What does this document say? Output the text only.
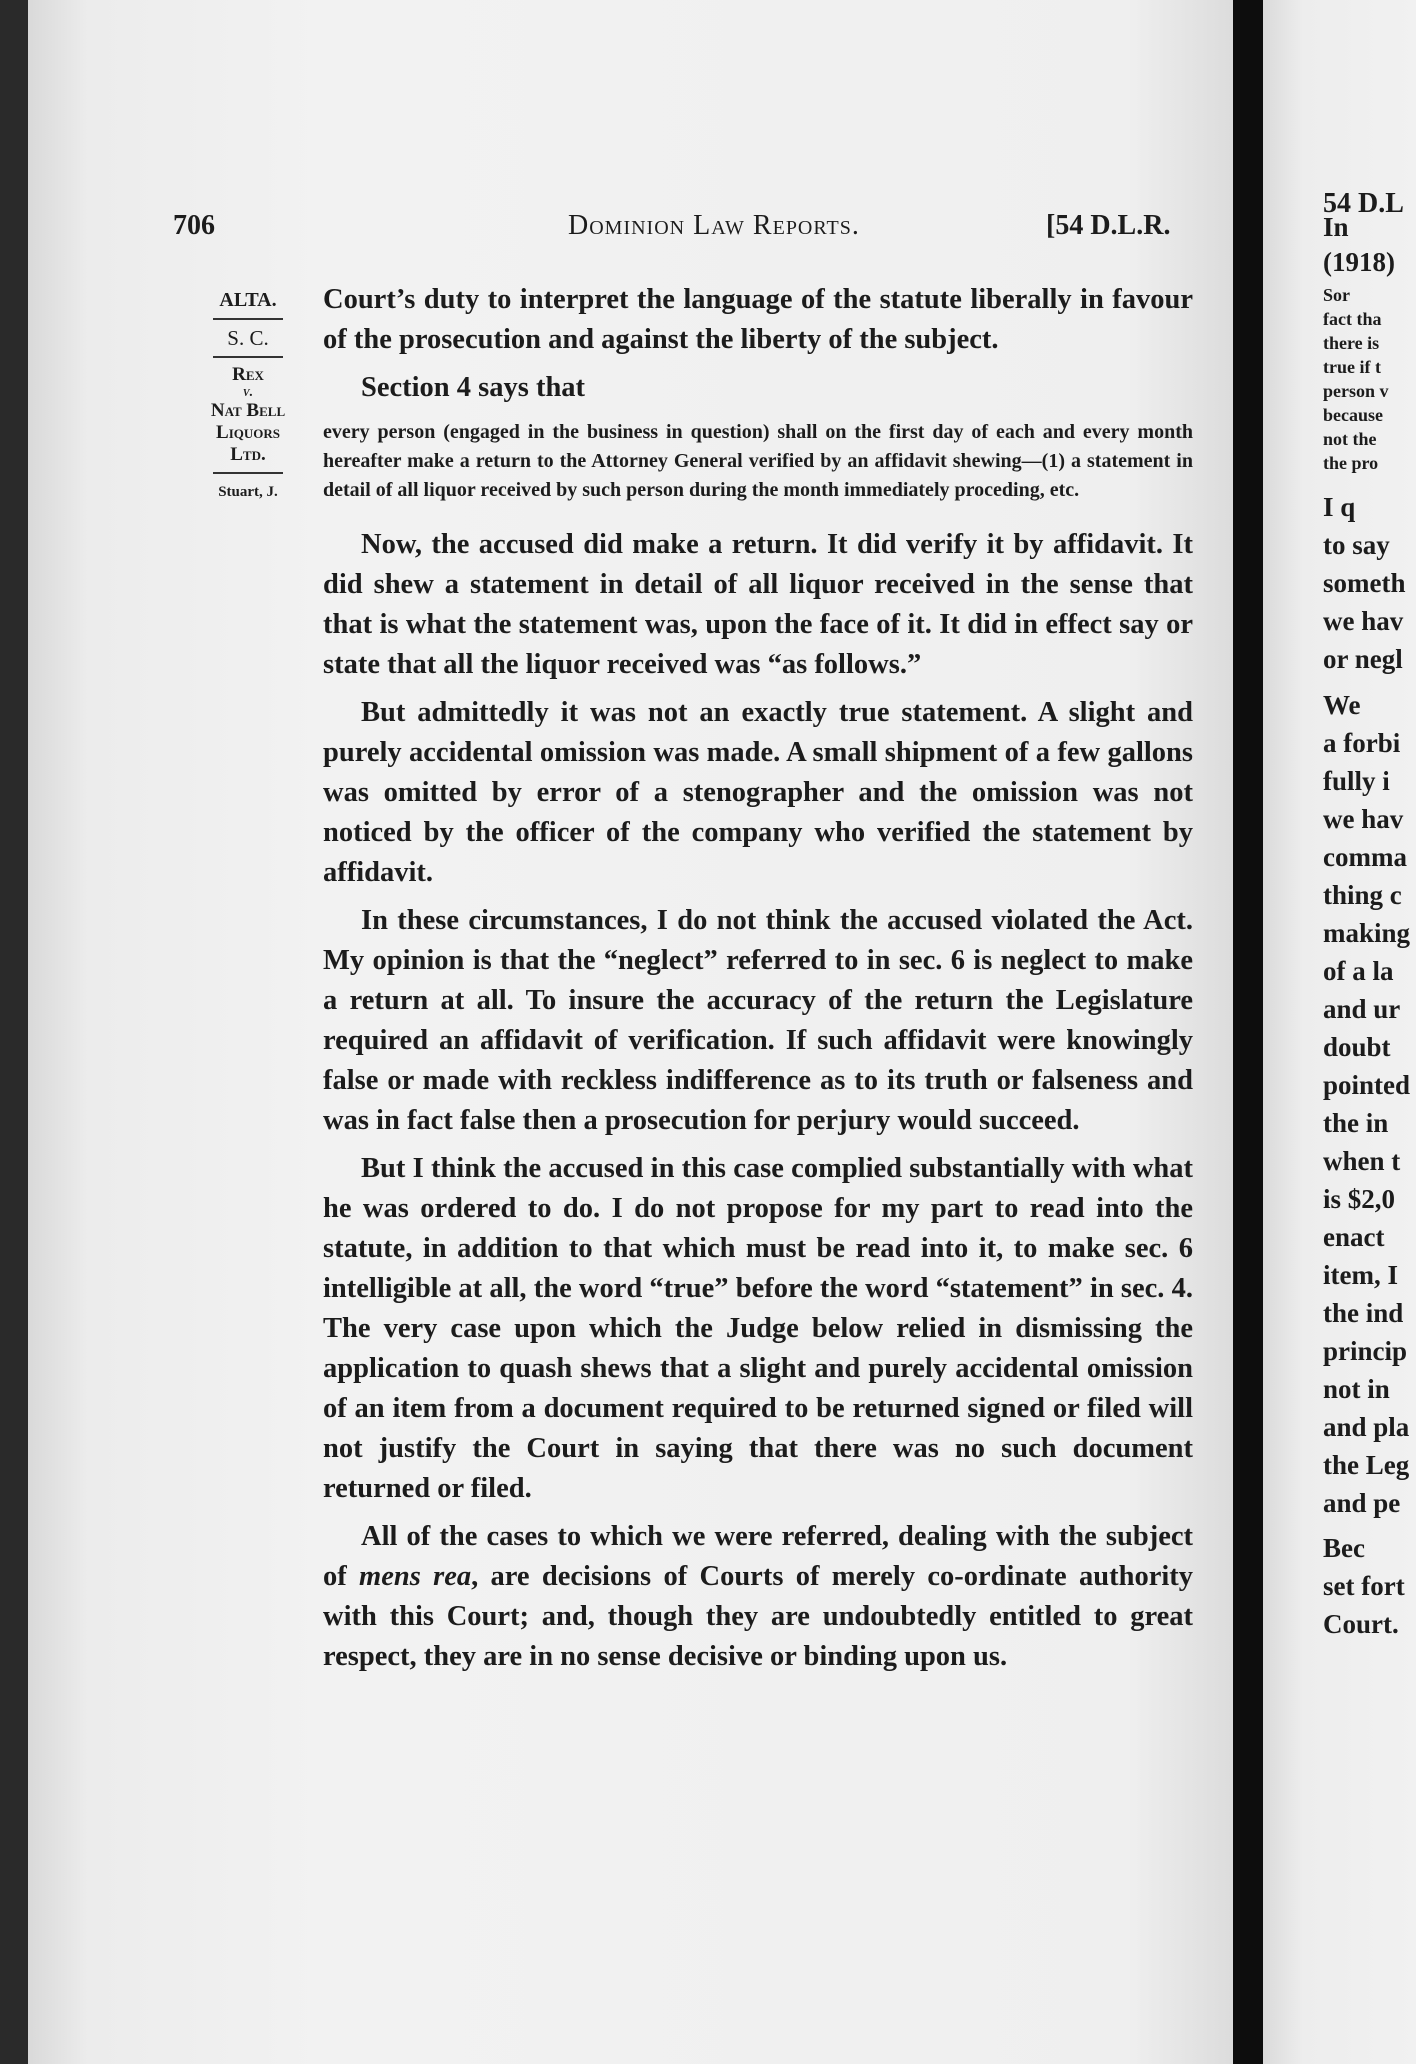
706	Dominion Law Reports.	[54 D.L.R.
ALTA.
S. C.
Rex
v.
Nat Bell
Liquors
Ltd.
Stuart, J.

Court’s duty to interpret the language of the statute liberally in favour of the prosecution and against the liberty of the subject.

Section 4 says that

every person (engaged in the business in question) shall on the first day of each and every month hereafter make a return to the Attorney General verified by an affidavit shewing—(1) a statement in detail of all liquor received by such person during the month immediately proceding, etc.

Now, the accused did make a return. It did verify it by affidavit. It did shew a statement in detail of all liquor received in the sense that that is what the statement was, upon the face of it. It did in effect say or state that all the liquor received was “as follows.”

But admittedly it was not an exactly true statement. A slight and purely accidental omission was made. A small shipment of a few gallons was omitted by error of a stenographer and the omission was not noticed by the officer of the company who verified the statement by affidavit.

In these circumstances, I do not think the accused violated the Act. My opinion is that the “neglect” referred to in sec. 6 is neglect to make a return at all. To insure the accuracy of the return the Legislature required an affidavit of verification. If such affidavit were knowingly false or made with reckless indifference as to its truth or falseness and was in fact false then a prosecution for perjury would succeed.

But I think the accused in this case complied substantially with what he was ordered to do. I do not propose for my part to read into the statute, in addition to that which must be read into it, to make sec. 6 intelligible at all, the word “true” before the word “statement” in sec. 4. The very case upon which the Judge below relied in dismissing the application to quash shews that a slight and purely accidental omission of an item from a document required to be returned signed or filed will not justify the Court in saying that there was no such document returned or filed.

All of the cases to which we were referred, dealing with the subject of mens rea, are decisions of Courts of merely co-ordinate authority with this Court; and, though they are undoubtedly entitled to great respect, they are in no sense decisive or binding upon us.

54 D.L
In
(1918)
Sor
fact tha
there is
true if t
person v
because
not the
the pro
I q
to say
someth
we hav
or negl
We
a forbi
fully i
we hav
comma
thing c
making
of a la
and ur
doubt
pointed
the in
when t
is $2,0
enact
item, I
the ind
princip
not in
and pla
the Leg
and pe
Bec
set fort
Court.
